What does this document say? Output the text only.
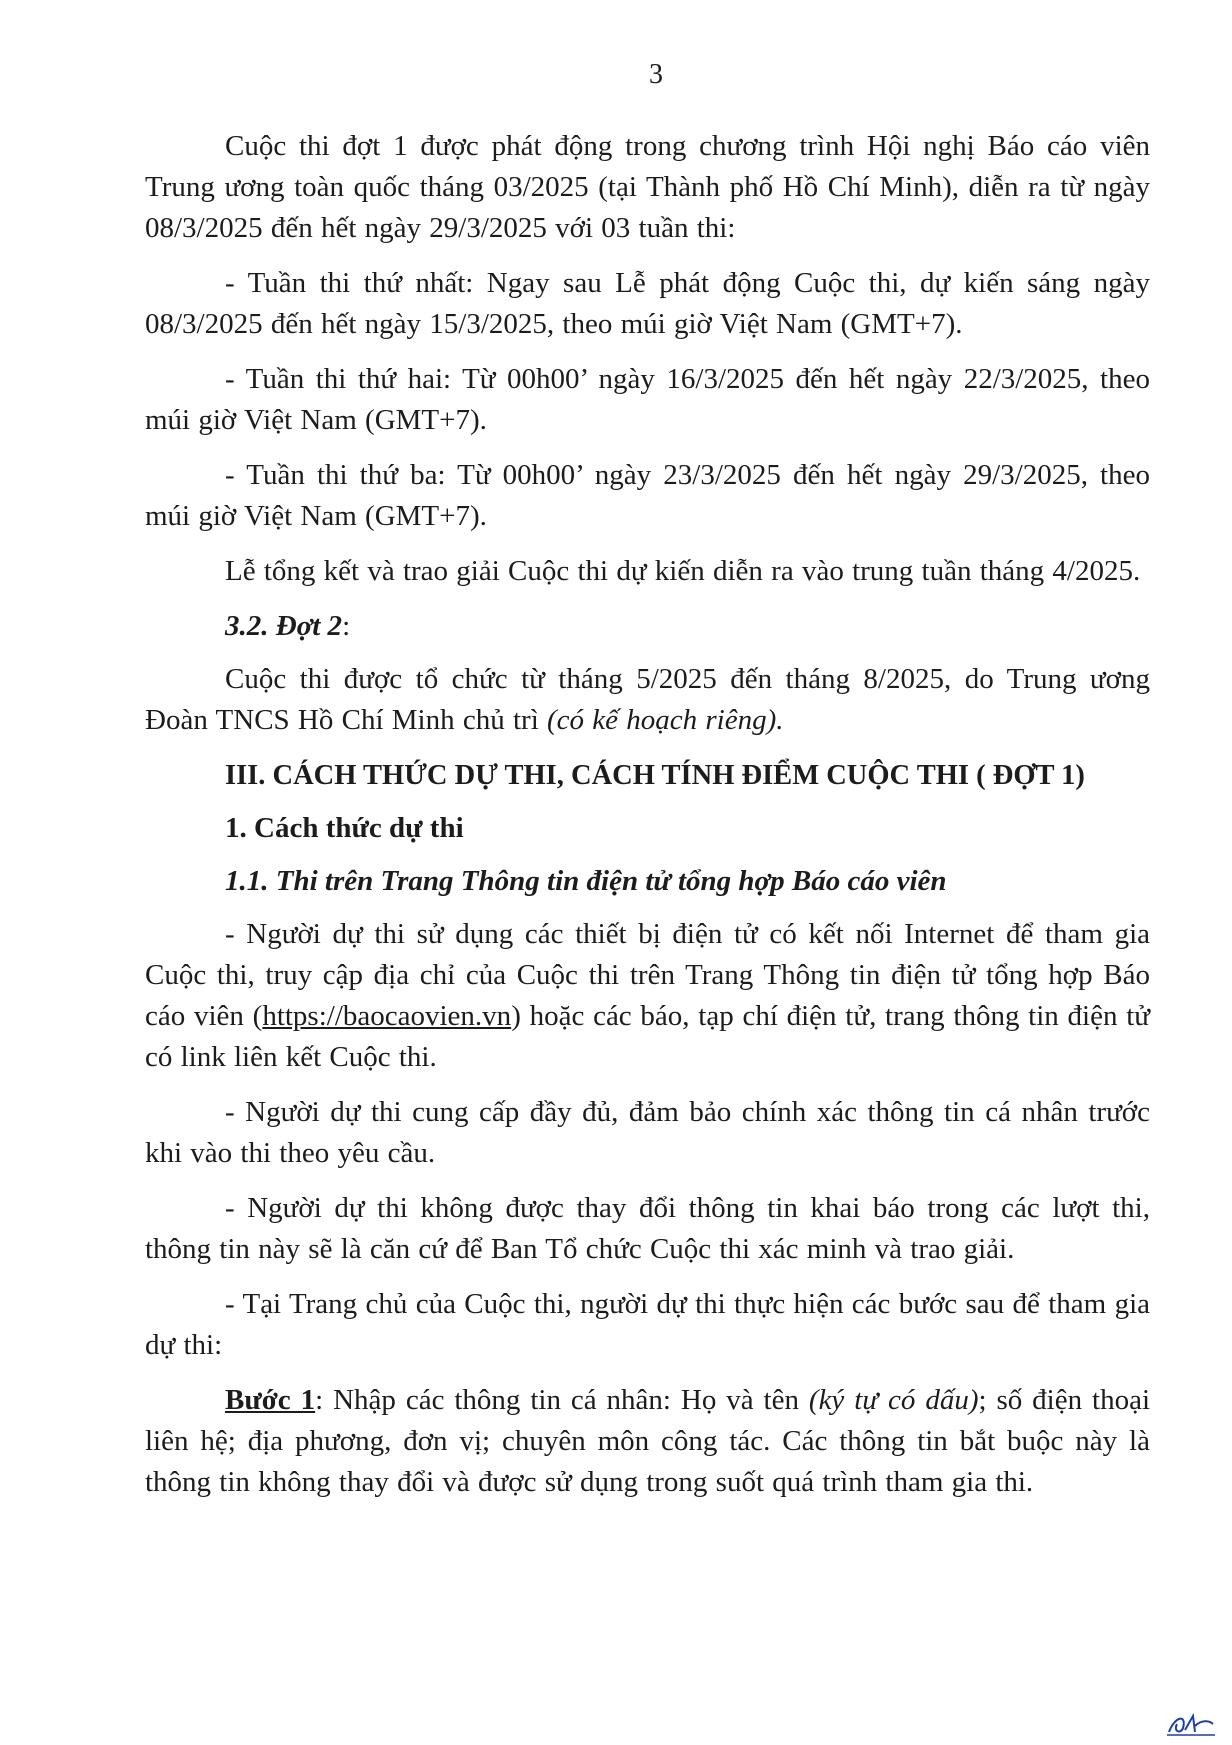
3

Cuộc thi đợt 1 được phát động trong chương trình Hội nghị Báo cáo viên Trung ương toàn quốc tháng 03/2025 (tại Thành phố Hồ Chí Minh), diễn ra từ ngày 08/3/2025 đến hết ngày 29/3/2025 với 03 tuần thi:

- Tuần thi thứ nhất: Ngay sau Lễ phát động Cuộc thi, dự kiến sáng ngày 08/3/2025 đến hết ngày 15/3/2025, theo múi giờ Việt Nam (GMT+7).

- Tuần thi thứ hai: Từ 00h00’ ngày 16/3/2025 đến hết ngày 22/3/2025, theo múi giờ Việt Nam (GMT+7).

- Tuần thi thứ ba: Từ 00h00’ ngày 23/3/2025 đến hết ngày 29/3/2025, theo múi giờ Việt Nam (GMT+7).

Lễ tổng kết và trao giải Cuộc thi dự kiến diễn ra vào trung tuần tháng 4/2025.

3.2. Đợt 2:

Cuộc thi được tổ chức từ tháng 5/2025 đến tháng 8/2025, do Trung ương Đoàn TNCS Hồ Chí Minh chủ trì (có kế hoạch riêng).

III. CÁCH THỨC DỰ THI, CÁCH TÍNH ĐIỂM CUỘC THI ( ĐỢT 1)

1. Cách thức dự thi

1.1. Thi trên Trang Thông tin điện tử tổng hợp Báo cáo viên

- Người dự thi sử dụng các thiết bị điện tử có kết nối Internet để tham gia Cuộc thi, truy cập địa chỉ của Cuộc thi trên Trang Thông tin điện tử tổng hợp Báo cáo viên (https://baocaovien.vn) hoặc các báo, tạp chí điện tử, trang thông tin điện tử có link liên kết Cuộc thi.

- Người dự thi cung cấp đầy đủ, đảm bảo chính xác thông tin cá nhân trước khi vào thi theo yêu cầu.

- Người dự thi không được thay đổi thông tin khai báo trong các lượt thi, thông tin này sẽ là căn cứ để Ban Tổ chức Cuộc thi xác minh và trao giải.

- Tại Trang chủ của Cuộc thi, người dự thi thực hiện các bước sau để tham gia dự thi:

Bước 1: Nhập các thông tin cá nhân: Họ và tên (ký tự có dấu); số điện thoại liên hệ; địa phương, đơn vị; chuyên môn công tác. Các thông tin bắt buộc này là thông tin không thay đổi và được sử dụng trong suốt quá trình tham gia thi.
